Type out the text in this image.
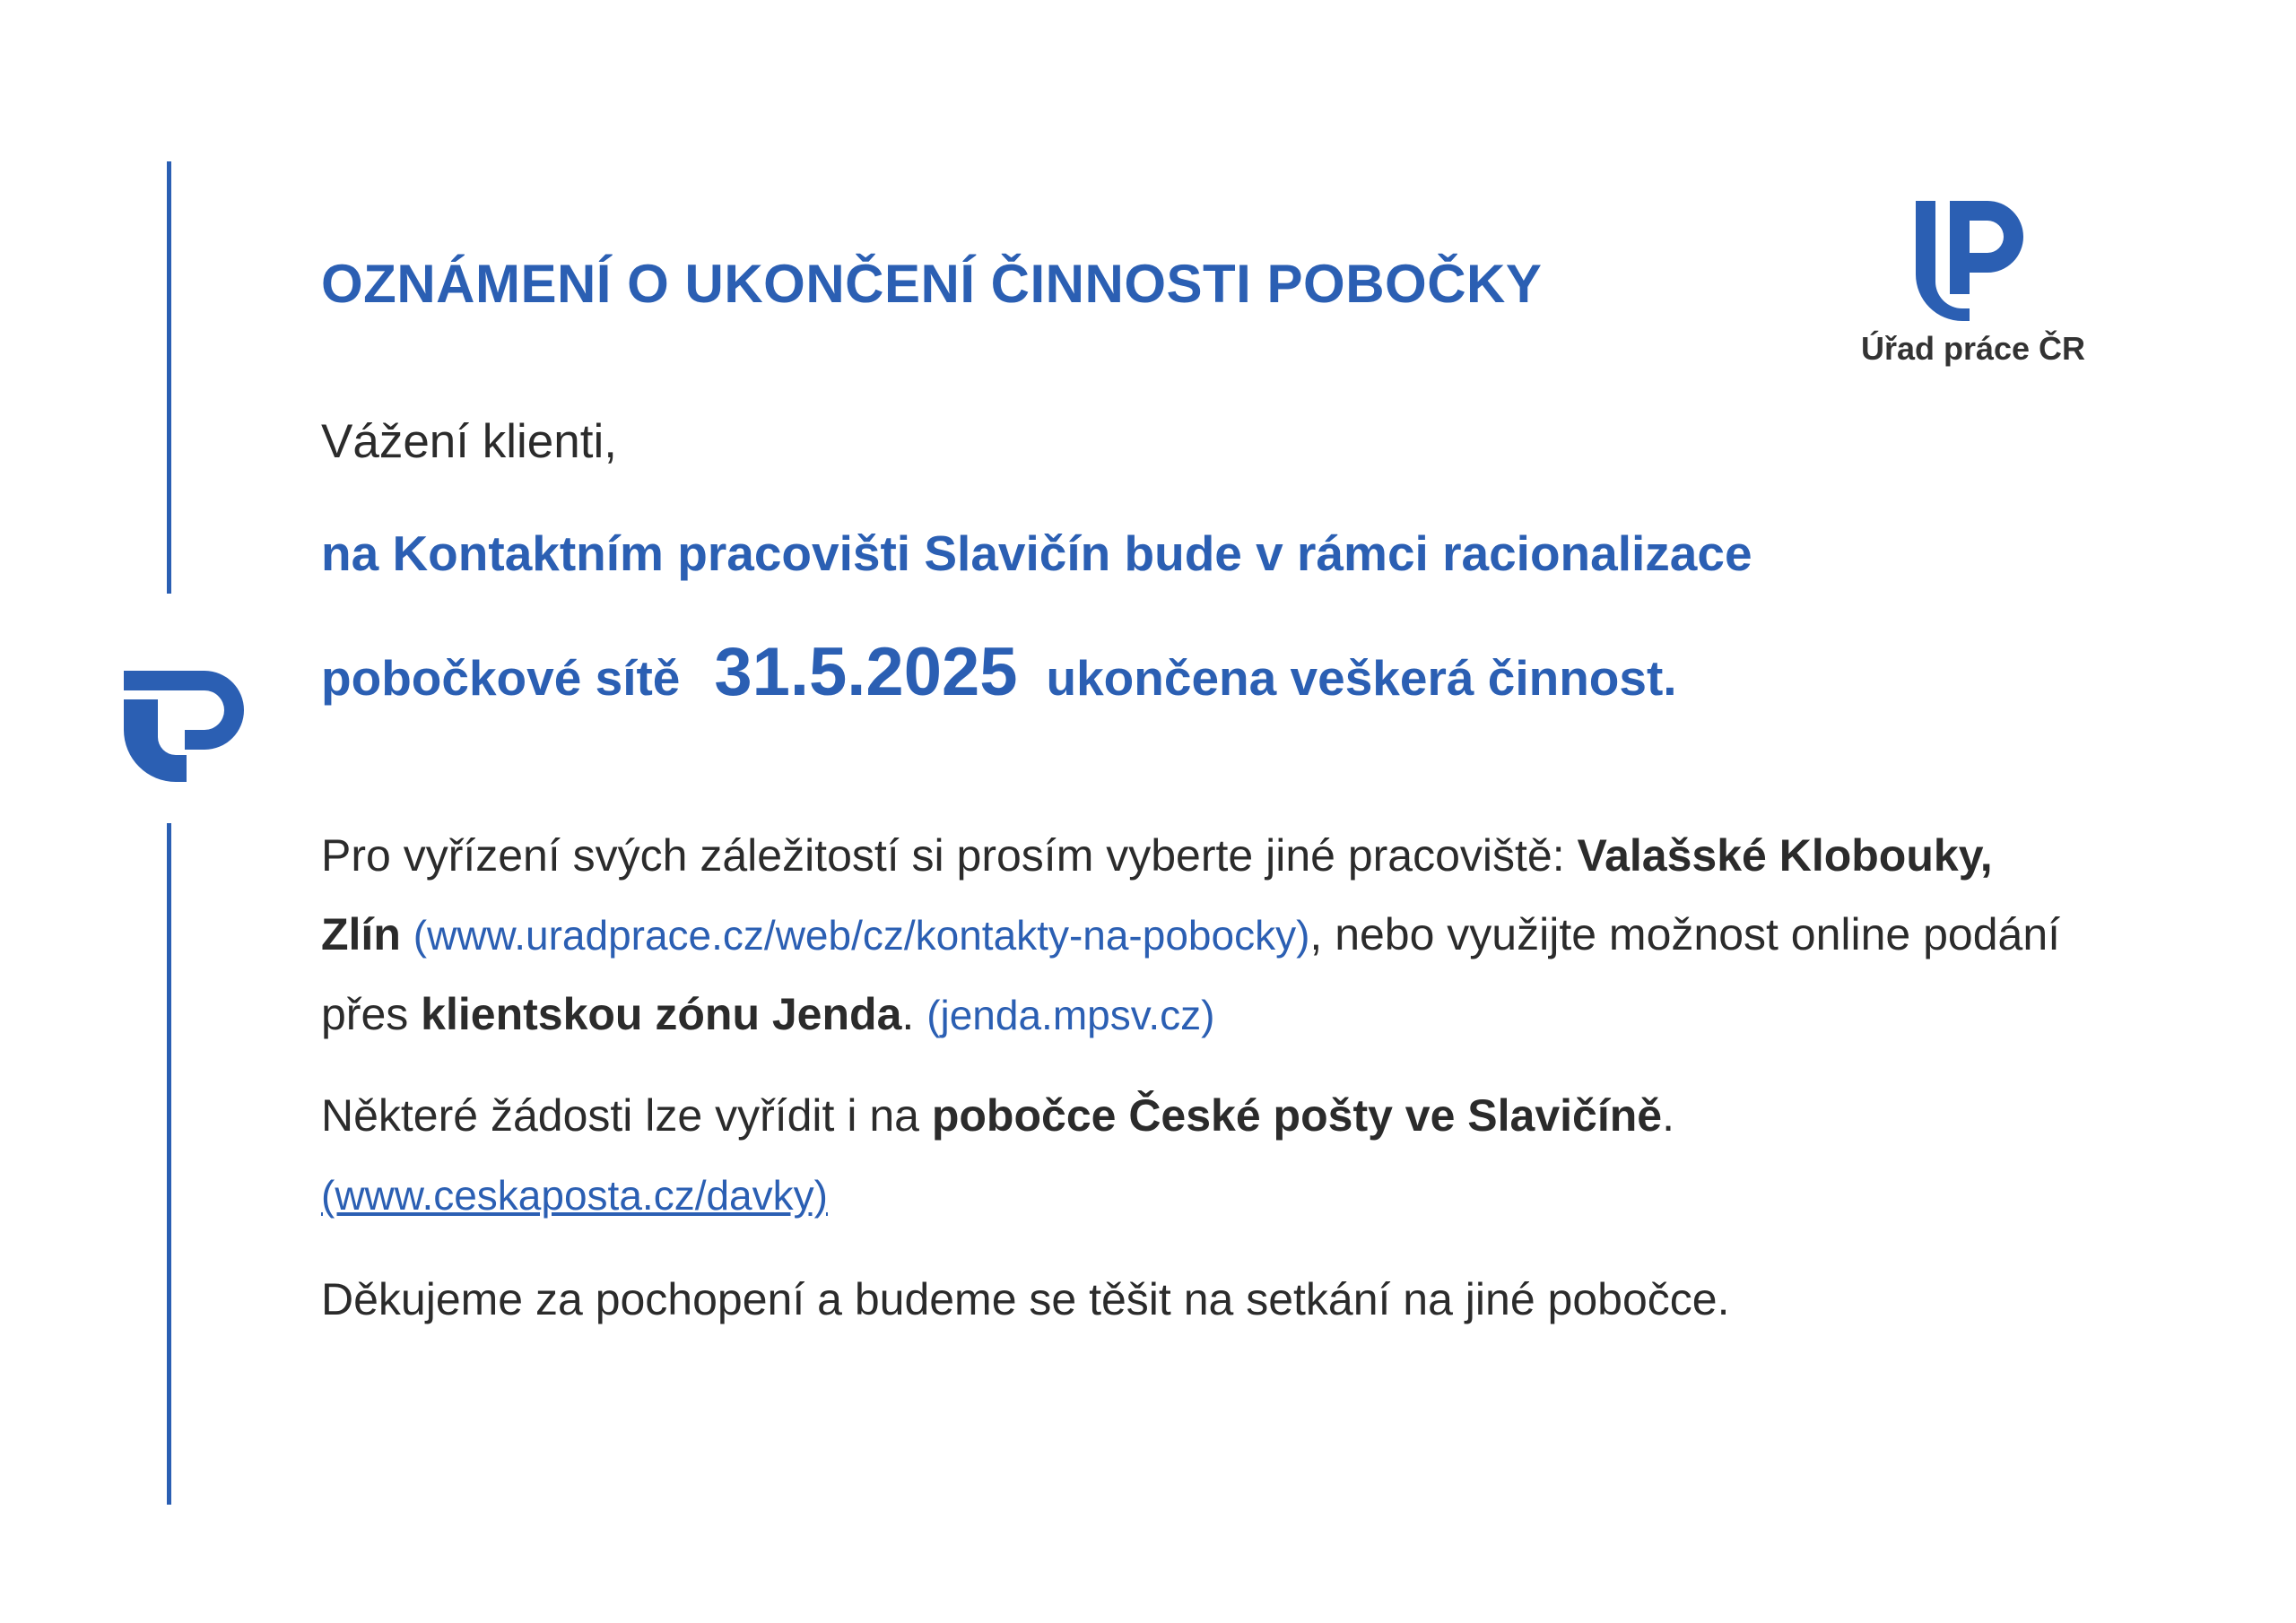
Úřad práce ČR
OZNÁMENÍ O UKONČENÍ ČINNOSTI POBOČKY
Vážení klienti,
na Kontaktním pracovišti Slavičín bude v rámci racionalizace
pobočkové sítě 31.5.2025 ukončena veškerá činnost.
Pro vyřízení svých záležitostí si prosím vyberte jiné pracoviště: Valašské Klobouky, Zlín (www.uradprace.cz/web/cz/kontakty-na-pobocky), nebo využijte možnost online podání přes klientskou zónu Jenda. (jenda.mpsv.cz)
Některé žádosti lze vyřídit i na pobočce České pošty ve Slavičíně.
(www.ceskaposta.cz/davky)
Děkujeme za pochopení a budeme se těšit na setkání na jiné pobočce.
